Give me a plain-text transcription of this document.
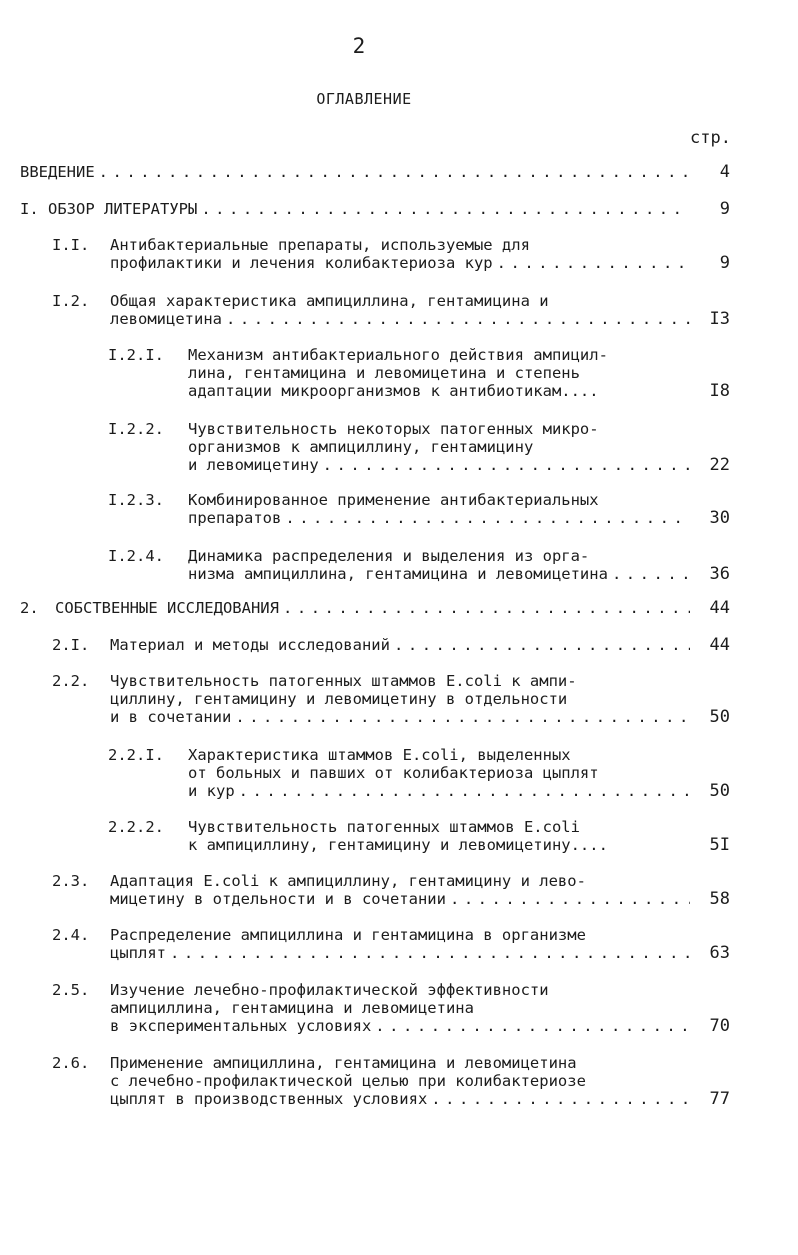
2
ОГЛАВЛЕНИЕ
стр.
ВВЕДЕНИЕ . . .	4
I. ОБЗОР ЛИТЕРАТУРЫ . . .	9
I.I. Антибактериальные препараты, используемые для
профилактики и лечения колибактериоза кур . . .	9
I.2. Общая характеристика ампициллина, гентамицина и
левомицетина . . .	I3
I.2.I. Механизм антибактериального действия ампицил-
лина, гентамицина и левомицетина и степень
адаптации микроорганизмов к антибиотикам....	I8
I.2.2. Чувствительность некоторых патогенных микро-
организмов к ампициллину, гентамицину
и левомицетину . . .	22
I.2.3. Комбинированное применение антибактериальных
препаратов . . .	30
I.2.4. Динамика распределения и выделения из орга-
низма ампициллина, гентамицина и левомицетина . . .	36
2. СОБСТВЕННЫЕ ИССЛЕДОВАНИЯ . . .	44
2.I. Материал и методы исследований . . .	44
2.2. Чувствительность патогенных штаммов E.coli к ампи-
циллину, гентамицину и левомицетину в отдельности
и в сочетании . . .	50
2.2.I. Характеристика штаммов E.coli, выделенных
от больных и павших от колибактериоза цыплят
и кур . . .	50
2.2.2. Чувствительность патогенных штаммов E.coli
к ампициллину, гентамицину и левомицетину....	5I
2.3. Адаптация E.coli к ампициллину, гентамицину и лево-
мицетину в отдельности и в сочетании . . .	58
2.4. Распределение ампициллина и гентамицина в организме
цыплят . . .	63
2.5. Изучение лечебно-профилактической эффективности
ампициллина, гентамицина и левомицетина
в экспериментальных условиях . . .	70
2.6. Применение ампициллина, гентамицина и левомицетина
с лечебно-профилактической целью при колибактериозе
цыплят в производственных условиях . . .	77
